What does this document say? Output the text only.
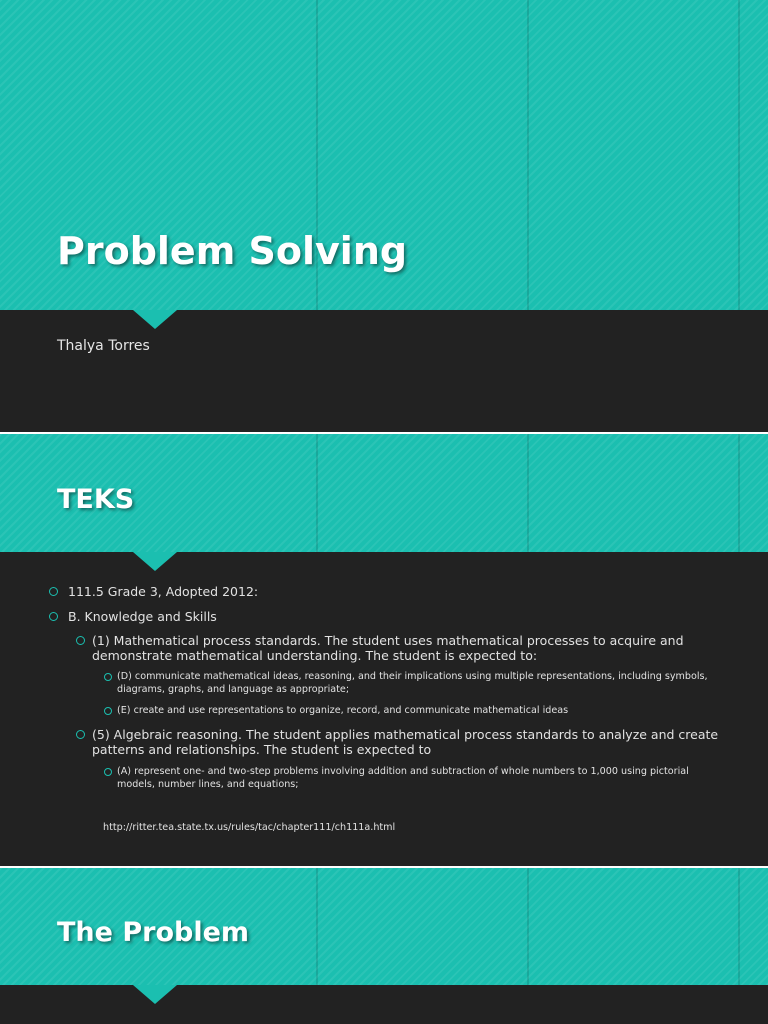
Problem Solving

Thalya Torres

TEKS
111.5 Grade 3, Adopted 2012:
B. Knowledge and Skills
(1) Mathematical process standards. The student uses mathematical processes to acquire and demonstrate mathematical understanding. The student is expected to:
(D) communicate mathematical ideas, reasoning, and their implications using multiple representations, including symbols, diagrams, graphs, and language as appropriate;
(E) create and use representations to organize, record, and communicate mathematical ideas
(5) Algebraic reasoning. The student applies mathematical process standards to analyze and create patterns and relationships. The student is expected to
(A) represent one- and two-step problems involving addition and subtraction of whole numbers to 1,000 using pictorial models, number lines, and equations;
http://ritter.tea.state.tx.us/rules/tac/chapter111/ch111a.html
The Problem
